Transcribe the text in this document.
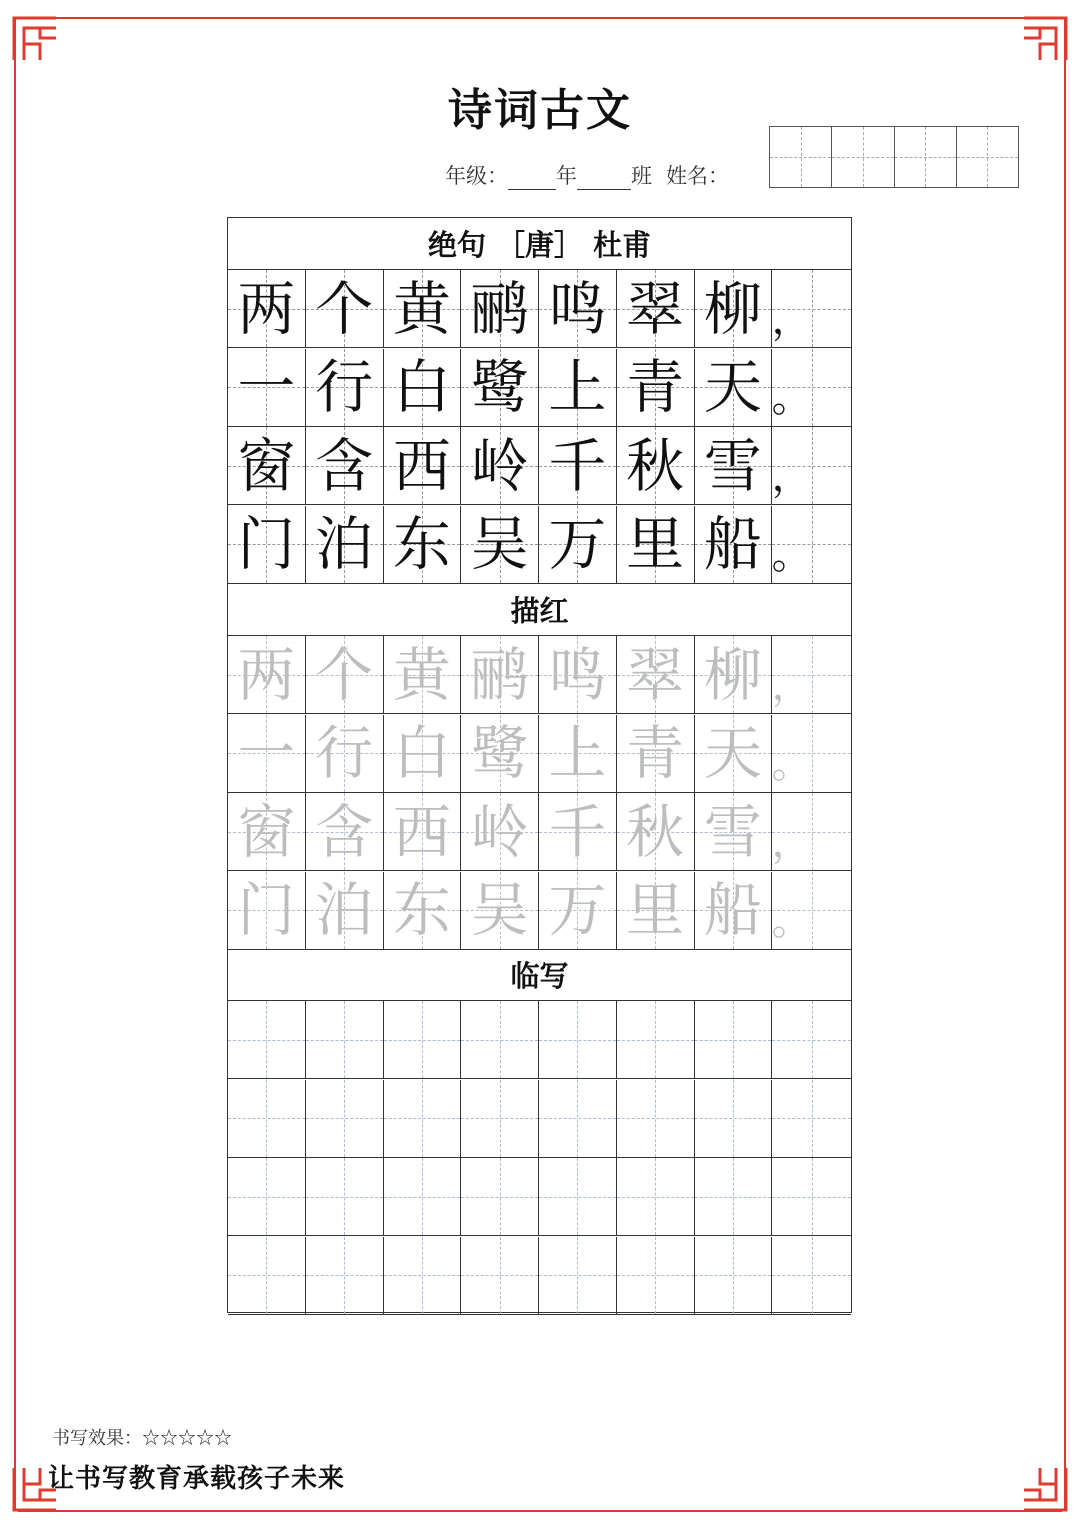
诗词古文
年级： 年	班 姓名：
绝句 ［唐］ 杜甫
描红
临写
两 个 黄 鹂 鸣 翠 柳 ，
一 行 白 鹭 上 青 天 。
窗 含 西 岭 千 秋 雪 ，
门 泊 东 吴 万 里 船 。
两 个 黄 鹂 鸣 翠 柳 ，
一 行 白 鹭 上 青 天 。
窗 含 西 岭 千 秋 雪 ，
门 泊 东 吴 万 里 船 。
书写效果：☆☆☆☆☆
让书写教育承载孩子未来
